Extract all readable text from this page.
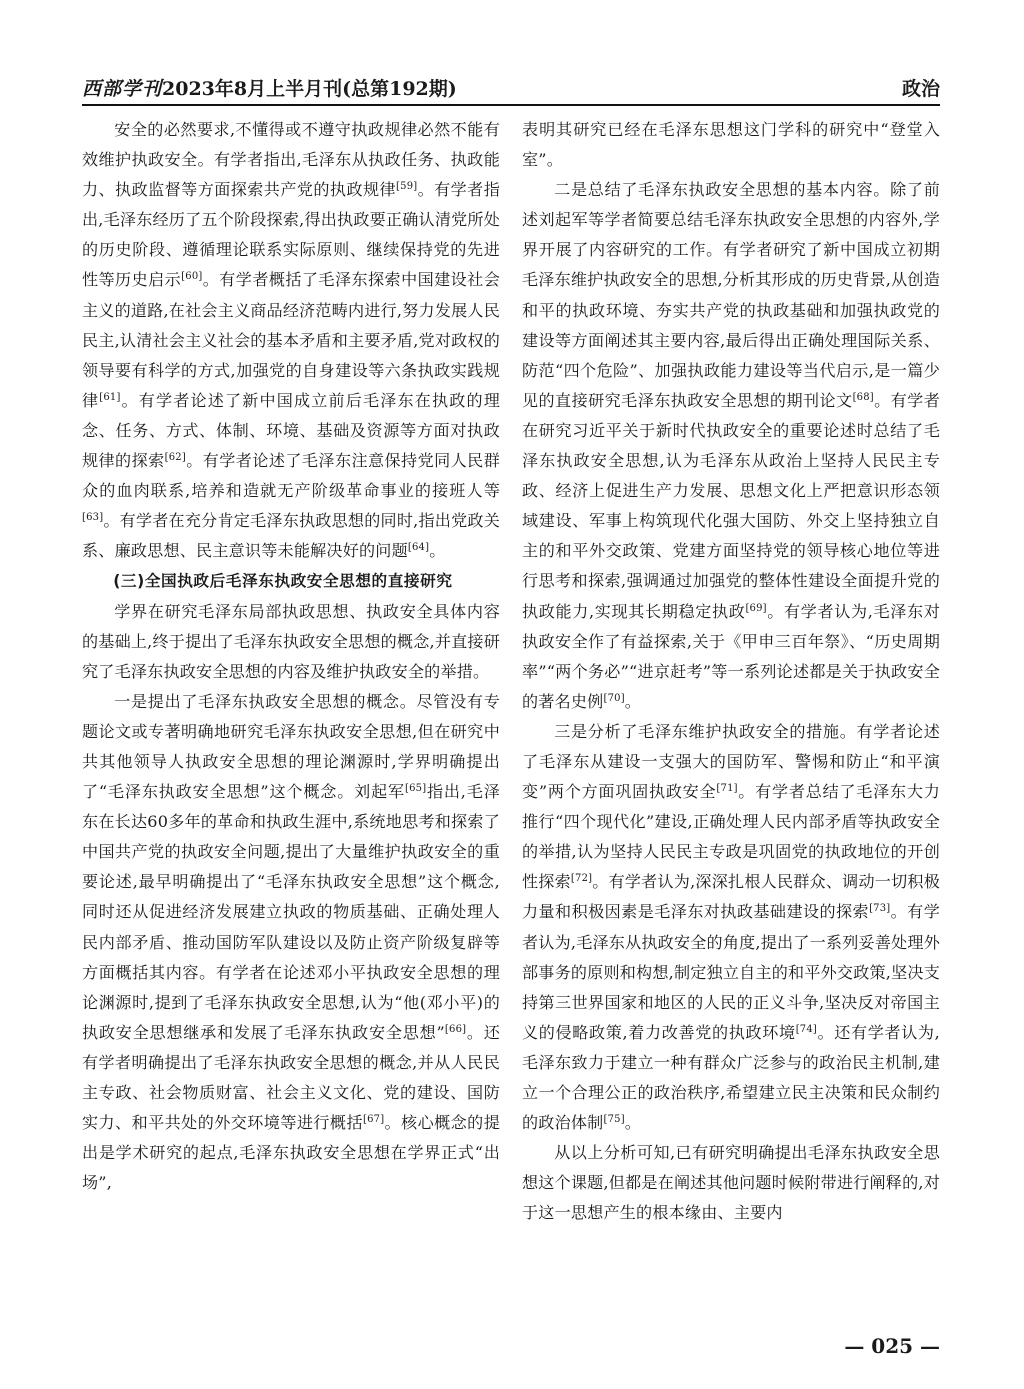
西部学刊2023年8月上半月刊(总第192期)	政治

安全的必然要求,不懂得或不遵守执政规律必然不能有效维护执政安全。有学者指出,毛泽东从执政任务、执政能力、执政监督等方面探索共产党的执政规律[59]。有学者指出,毛泽东经历了五个阶段探索,得出执政要正确认清党所处的历史阶段、遵循理论联系实际原则、继续保持党的先进性等历史启示[60]。有学者概括了毛泽东探索中国建设社会主义的道路,在社会主义商品经济范畴内进行,努力发展人民民主,认清社会主义社会的基本矛盾和主要矛盾,党对政权的领导要有科学的方式,加强党的自身建设等六条执政实践规律[61]。有学者论述了新中国成立前后毛泽东在执政的理念、任务、方式、体制、环境、基础及资源等方面对执政规律的探索[62]。有学者论述了毛泽东注意保持党同人民群众的血肉联系,培养和造就无产阶级革命事业的接班人等[63]。有学者在充分肯定毛泽东执政思想的同时,指出党政关系、廉政思想、民主意识等未能解决好的问题[64]。

(三)全国执政后毛泽东执政安全思想的直接研究

学界在研究毛泽东局部执政思想、执政安全具体内容的基础上,终于提出了毛泽东执政安全思想的概念,并直接研究了毛泽东执政安全思想的内容及维护执政安全的举措。

一是提出了毛泽东执政安全思想的概念。尽管没有专题论文或专著明确地研究毛泽东执政安全思想,但在研究中共其他领导人执政安全思想的理论渊源时,学界明确提出了“毛泽东执政安全思想”这个概念。刘起军[65]指出,毛泽东在长达60多年的革命和执政生涯中,系统地思考和探索了中国共产党的执政安全问题,提出了大量维护执政安全的重要论述,最早明确提出了“毛泽东执政安全思想”这个概念,同时还从促进经济发展建立执政的物质基础、正确处理人民内部矛盾、推动国防军队建设以及防止资产阶级复辟等方面概括其内容。有学者在论述邓小平执政安全思想的理论渊源时,提到了毛泽东执政安全思想,认为“他(邓小平)的执政安全思想继承和发展了毛泽东执政安全思想”[66]。还有学者明确提出了毛泽东执政安全思想的概念,并从人民民主专政、社会物质财富、社会主义文化、党的建设、国防实力、和平共处的外交环境等进行概括[67]。核心概念的提出是学术研究的起点,毛泽东执政安全思想在学界正式“出场”,

表明其研究已经在毛泽东思想这门学科的研究中“登堂入室”。

二是总结了毛泽东执政安全思想的基本内容。除了前述刘起军等学者简要总结毛泽东执政安全思想的内容外,学界开展了内容研究的工作。有学者研究了新中国成立初期毛泽东维护执政安全的思想,分析其形成的历史背景,从创造和平的执政环境、夯实共产党的执政基础和加强执政党的建设等方面阐述其主要内容,最后得出正确处理国际关系、防范“四个危险”、加强执政能力建设等当代启示,是一篇少见的直接研究毛泽东执政安全思想的期刊论文[68]。有学者在研究习近平关于新时代执政安全的重要论述时总结了毛泽东执政安全思想,认为毛泽东从政治上坚持人民民主专政、经济上促进生产力发展、思想文化上严把意识形态领域建设、军事上构筑现代化强大国防、外交上坚持独立自主的和平外交政策、党建方面坚持党的领导核心地位等进行思考和探索,强调通过加强党的整体性建设全面提升党的执政能力,实现其长期稳定执政[69]。有学者认为,毛泽东对执政安全作了有益探索,关于《甲申三百年祭》、“历史周期率”“两个务必”“进京赶考”等一系列论述都是关于执政安全的著名史例[70]。

三是分析了毛泽东维护执政安全的措施。有学者论述了毛泽东从建设一支强大的国防军、警惕和防止“和平演变”两个方面巩固执政安全[71]。有学者总结了毛泽东大力推行“四个现代化”建设,正确处理人民内部矛盾等执政安全的举措,认为坚持人民民主专政是巩固党的执政地位的开创性探索[72]。有学者认为,深深扎根人民群众、调动一切积极力量和积极因素是毛泽东对执政基础建设的探索[73]。有学者认为,毛泽东从执政安全的角度,提出了一系列妥善处理外部事务的原则和构想,制定独立自主的和平外交政策,坚决支持第三世界国家和地区的人民的正义斗争,坚决反对帝国主义的侵略政策,着力改善党的执政环境[74]。还有学者认为,毛泽东致力于建立一种有群众广泛参与的政治民主机制,建立一个合理公正的政治秩序,希望建立民主决策和民众制约的政治体制[75]。

从以上分析可知,已有研究明确提出毛泽东执政安全思想这个课题,但都是在阐述其他问题时候附带进行阐释的,对于这一思想产生的根本缘由、主要内

— 025 —
